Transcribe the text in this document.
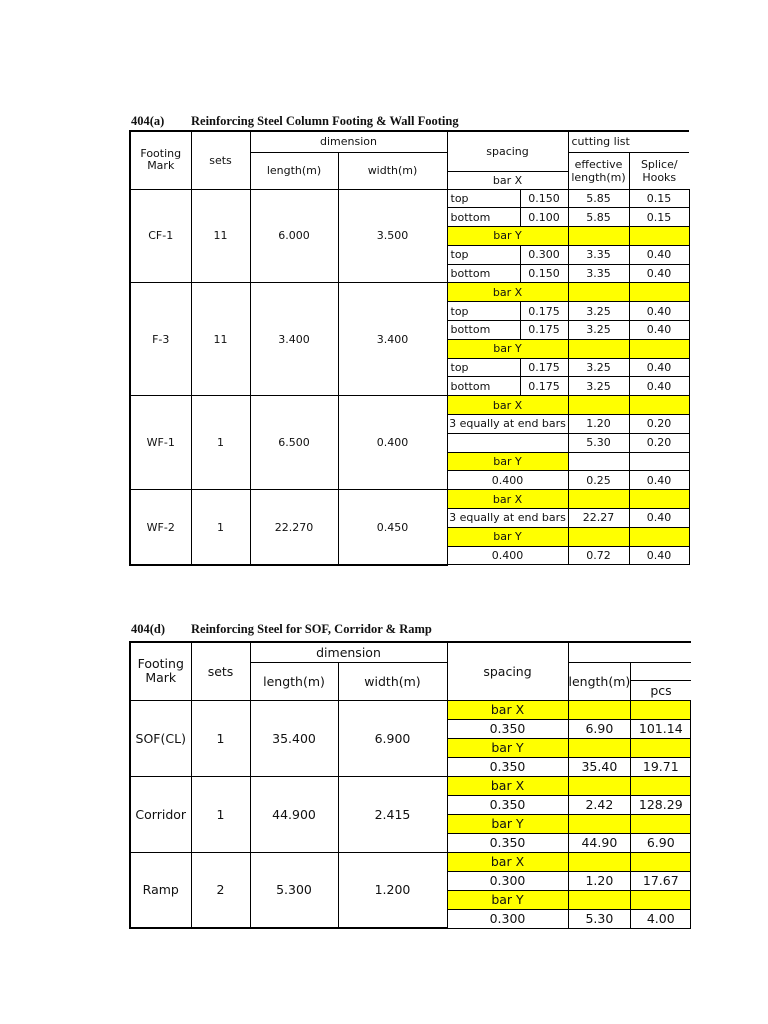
404(a) Reinforcing Steel Column Footing & Wall Footing
Footing Mark	sets	dimension		spacing		cutting list	
		length(m)	width(m)			effective length(m)	Splice/ Hooks
				bar X			
CF-1	11	6.000	3.500	top	0.150	5.85	0.15
				bottom	0.100	5.85	0.15
				bar Y			
				top	0.300	3.35	0.40
				bottom	0.150	3.35	0.40
F-3	11	3.400	3.400	bar X			
				top	0.175	3.25	0.40
				bottom	0.175	3.25	0.40
				bar Y			
				top	0.175	3.25	0.40
				bottom	0.175	3.25	0.40
WF-1	1	6.500	0.400	bar X			
				3 equally at end bars		1.20	0.20
						5.30	0.20
				bar Y			
				0.400		0.25	0.40
WF-2	1	22.270	0.450	bar X			
				3 equally at end bars		22.27	0.40
				bar Y			
				0.400		0.72	0.40
404(d) Reinforcing Steel for SOF, Corridor & Ramp
Footing Mark	sets	dimension		spacing		
		length(m)	width(m)		length(m)	
						pcs
SOF(CL)	1	35.400	6.900	bar X		
				0.350	6.90	101.14
				bar Y		
				0.350	35.40	19.71
Corridor	1	44.900	2.415	bar X		
				0.350	2.42	128.29
				bar Y		
				0.350	44.90	6.90
Ramp	2	5.300	1.200	bar X		
				0.300	1.20	17.67
				bar Y		
				0.300	5.30	4.00
